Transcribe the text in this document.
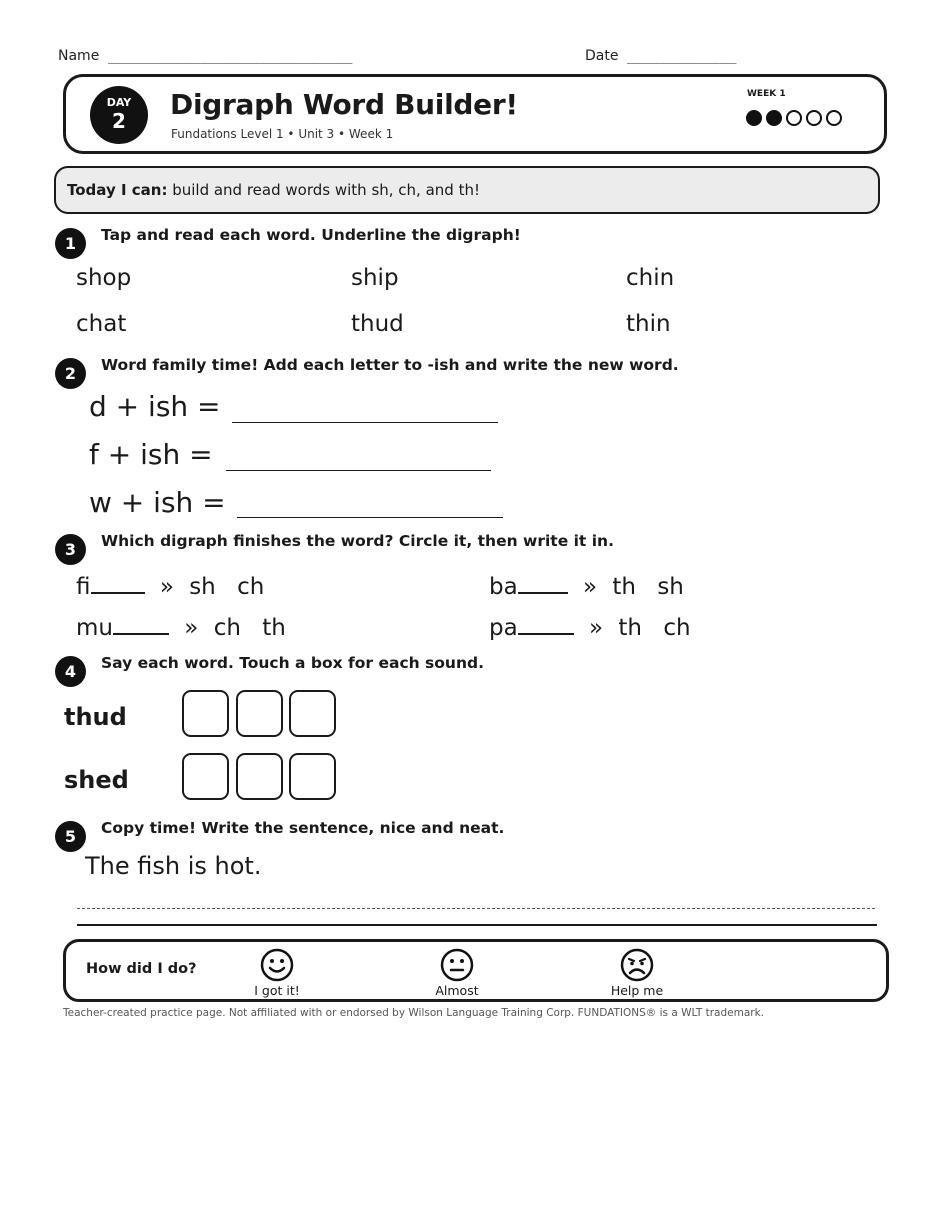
Name _____________________________	Date _____________
DAY
2	Digraph Word Builder!
Fundations Level 1 • Unit 3 • Week 1
WEEK 1
Today I can: build and read words with sh, ch, and th!
1	Tap and read each word. Underline the digraph!
shop	ship	chin
chat	thud	thin
2	Word family time! Add each letter to -ish and write the new word.
d + ish =
f + ish =
w + ish =
3	Which digraph finishes the word? Circle it, then write it in.
fi	» sh ch	ba	» th sh
mu	» ch th	pa	» th ch
4	Say each word. Touch a box for each sound.
thud
shed
5	Copy time! Write the sentence, nice and neat.
The fish is hot.
How did I do?
I got it!	Almost	Help me
Teacher-created practice page. Not affiliated with or endorsed by Wilson Language Training Corp. FUNDATIONS® is a WLT trademark.
